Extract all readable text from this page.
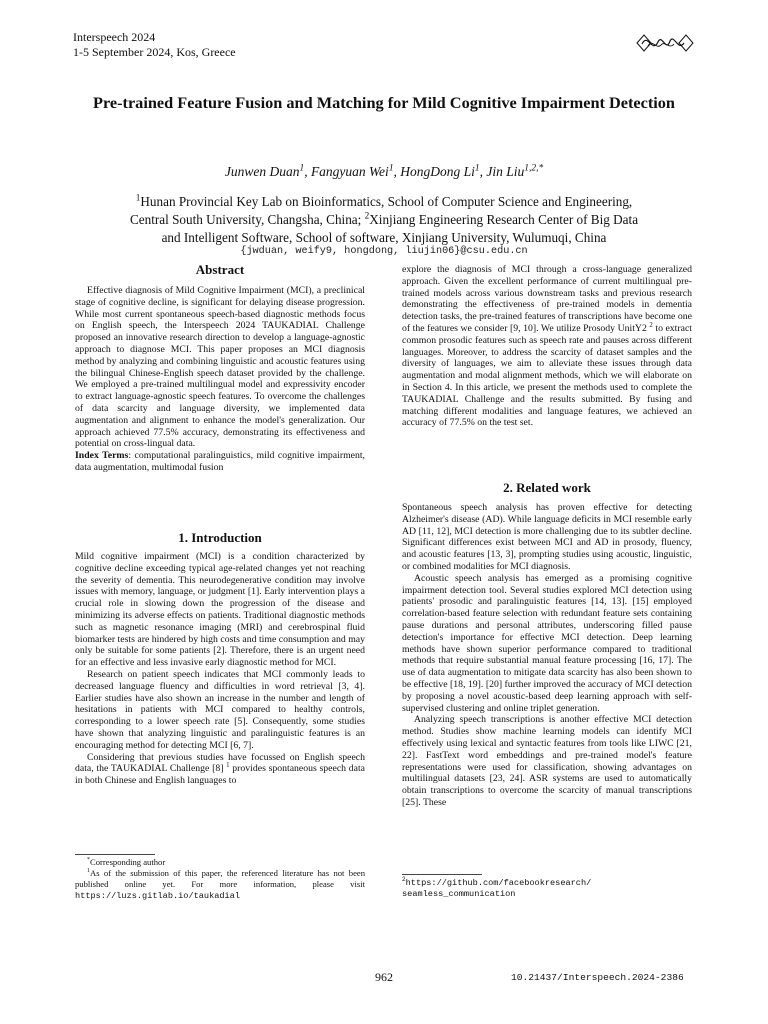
Interspeech 2024
1-5 September 2024, Kos, Greece
Pre-trained Feature Fusion and Matching for Mild Cognitive Impairment Detection
Junwen Duan$^1$, Fangyuan Wei$^1$, HongDong Li$^1$, Jin Liu$^{1,2,*}$
$^1$Hunan Provincial Key Lab on Bioinformatics, School of Computer Science and Engineering,
Central South University, Changsha, China; $^2$Xinjiang Engineering Research Center of Big Data
and Intelligent Software, School of software, Xinjiang University, Wulumuqi, China
{jwduan, weify9, hongdong, liujin06}@csu.edu.cn
Abstract

Effective diagnosis of Mild Cognitive Impairment (MCI), a preclinical stage of cognitive decline, is significant for delaying disease progression. While most current spontaneous speech-based diagnostic methods focus on English speech, the Interspeech 2024 TAUKADIAL Challenge proposed an innovative research direction to develop a language-agnostic approach to diagnose MCI. This paper proposes an MCI diagnosis method by analyzing and combining linguistic and acoustic features using the bilingual Chinese-English speech dataset provided by the challenge. We employed a pre-trained multilingual model and expressivity encoder to extract language-agnostic speech features. To overcome the challenges of data scarcity and language diversity, we implemented data augmentation and alignment to enhance the model's generalization. Our approach achieved 77.5% accuracy, demonstrating its effectiveness and potential on cross-lingual data.

Index Terms: computational paralinguistics, mild cognitive impairment, data augmentation, multimodal fusion

1. Introduction

Mild cognitive impairment (MCI) is a condition characterized by cognitive decline exceeding typical age-related changes yet not reaching the severity of dementia. This neurodegenerative condition may involve issues with memory, language, or judgment [1]. Early intervention plays a crucial role in slowing down the progression of the disease and minimizing its adverse effects on patients. Traditional diagnostic methods such as magnetic resonance imaging (MRI) and cerebrospinal fluid biomarker tests are hindered by high costs and time consumption and may only be suitable for some patients [2]. Therefore, there is an urgent need for an effective and less invasive early diagnostic method for MCI.

Research on patient speech indicates that MCI commonly leads to decreased language fluency and difficulties in word retrieval [3, 4]. Earlier studies have also shown an increase in the number and length of hesitations in patients with MCI compared to healthy controls, corresponding to a lower speech rate [5]. Consequently, some studies have shown that analyzing linguistic and paralinguistic features is an encouraging method for detecting MCI [6, 7].

Considering that previous studies have focussed on English speech data, the TAUKADIAL Challenge [8] $^1$ provides spontaneous speech data in both Chinese and English languages to

*Corresponding author

$^1$As of the submission of this paper, the referenced literature has not been published online yet. For more information, please visit https://luzs.gitlab.io/taukadial

explore the diagnosis of MCI through a cross-language generalized approach. Given the excellent performance of current multilingual pre-trained models across various downstream tasks and previous research demonstrating the effectiveness of pre-trained models in dementia detection tasks, the pre-trained features of transcriptions have become one of the features we consider [9, 10]. We utilize Prosody UnitY2 $^2$ to extract common prosodic features such as speech rate and pauses across different languages. Moreover, to address the scarcity of dataset samples and the diversity of languages, we aim to alleviate these issues through data augmentation and modal alignment methods, which we will elaborate on in Section 4. In this article, we present the methods used to complete the TAUKADIAL Challenge and the results submitted. By fusing and matching different modalities and language features, we achieved an accuracy of 77.5% on the test set.

2. Related work

Spontaneous speech analysis has proven effective for detecting Alzheimer's disease (AD). While language deficits in MCI resemble early AD [11, 12], MCI detection is more challenging due to its subtler decline. Significant differences exist between MCI and AD in prosody, fluency, and acoustic features [13, 3], prompting studies using acoustic, linguistic, or combined modalities for MCI diagnosis.

Acoustic speech analysis has emerged as a promising cognitive impairment detection tool. Several studies explored MCI detection using patients' prosodic and paralinguistic features [14, 13]. [15] employed correlation-based feature selection with redundant feature sets containing pause durations and personal attributes, underscoring filled pause detection's importance for effective MCI detection. Deep learning methods have shown superior performance compared to traditional methods that require substantial manual feature processing [16, 17]. The use of data augmentation to mitigate data scarcity has also been shown to be effective [18, 19]. [20] further improved the accuracy of MCI detection by proposing a novel acoustic-based deep learning approach with self-supervised clustering and online triplet generation.

Analyzing speech transcriptions is another effective MCI detection method. Studies show machine learning models can identify MCI effectively using lexical and syntactic features from tools like LIWC [21, 22]. FastText word embeddings and pre-trained model's feature representations were used for classification, showing advantages on multilingual datasets [23, 24]. ASR systems are used to automatically obtain transcriptions to overcome the scarcity of manual transcriptions [25]. These

$^2$https://github.com/facebookresearch/
seamless_communication
962	10.21437/Interspeech.2024-2386
